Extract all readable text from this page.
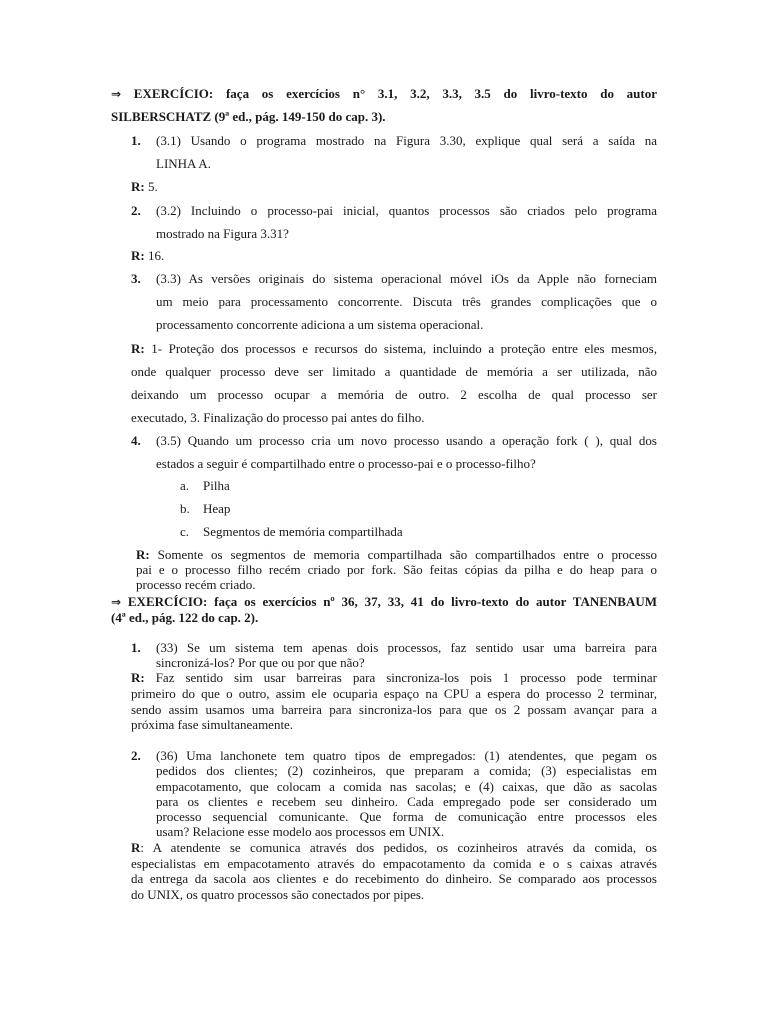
⇒ EXERCÍCIO: faça os exercícios n° 3.1, 3.2, 3.3, 3.5 do livro-texto do autor
SILBERSCHATZ (9ª ed., pág. 149-150 do cap. 3).
1. (3.1) Usando o programa mostrado na Figura 3.30, explique qual será a saída na
LINHA A.
R: 5.
2. (3.2) Incluindo o processo-pai inicial, quantos processos são criados pelo programa
mostrado na Figura 3.31?
R: 16.
3. (3.3) As versões originais do sistema operacional móvel iOs da Apple não forneciam
um meio para processamento concorrente. Discuta três grandes complicações que o
processamento concorrente adiciona a um sistema operacional.
R: 1- Proteção dos processos e recursos do sistema, incluindo a proteção entre eles mesmos,
onde qualquer processo deve ser limitado a quantidade de memória a ser utilizada, não
deixando um processo ocupar a memória de outro. 2 escolha de qual processo ser
executado, 3. Finalização do processo pai antes do filho.
4. (3.5) Quando um processo cria um novo processo usando a operação fork ( ), qual dos
estados a seguir é compartilhado entre o processo-pai e o processo-filho?
a. Pilha
b. Heap
c. Segmentos de memória compartilhada
R: Somente os segmentos de memoria compartilhada são compartilhados entre o processo
pai e o processo filho recém criado por fork. São feitas cópias da pilha e do heap para o
processo recém criado.
⇒ EXERCÍCIO: faça os exercícios nº 36, 37, 33, 41 do livro-texto do autor TANENBAUM
(4ª ed., pág. 122 do cap. 2).
1. (33) Se um sistema tem apenas dois processos, faz sentido usar uma barreira para
sincronizá-los? Por que ou por que não?
R: Faz sentido sim usar barreiras para sincroniza-los pois 1 processo pode terminar
primeiro do que o outro, assim ele ocuparia espaço na CPU a espera do processo 2 terminar,
sendo assim usamos uma barreira para sincroniza-los para que os 2 possam avançar para a
próxima fase simultaneamente.
2. (36) Uma lanchonete tem quatro tipos de empregados: (1) atendentes, que pegam os
pedidos dos clientes; (2) cozinheiros, que preparam a comida; (3) especialistas em
empacotamento, que colocam a comida nas sacolas; e (4) caixas, que dão as sacolas
para os clientes e recebem seu dinheiro. Cada empregado pode ser considerado um
processo sequencial comunicante. Que forma de comunicação entre processos eles
usam? Relacione esse modelo aos processos em UNIX.
R: A atendente se comunica através dos pedidos, os cozinheiros através da comida, os
especialistas em empacotamento através do empacotamento da comida e o s caixas através
da entrega da sacola aos clientes e do recebimento do dinheiro. Se comparado aos processos
do UNIX, os quatro processos são conectados por pipes.
